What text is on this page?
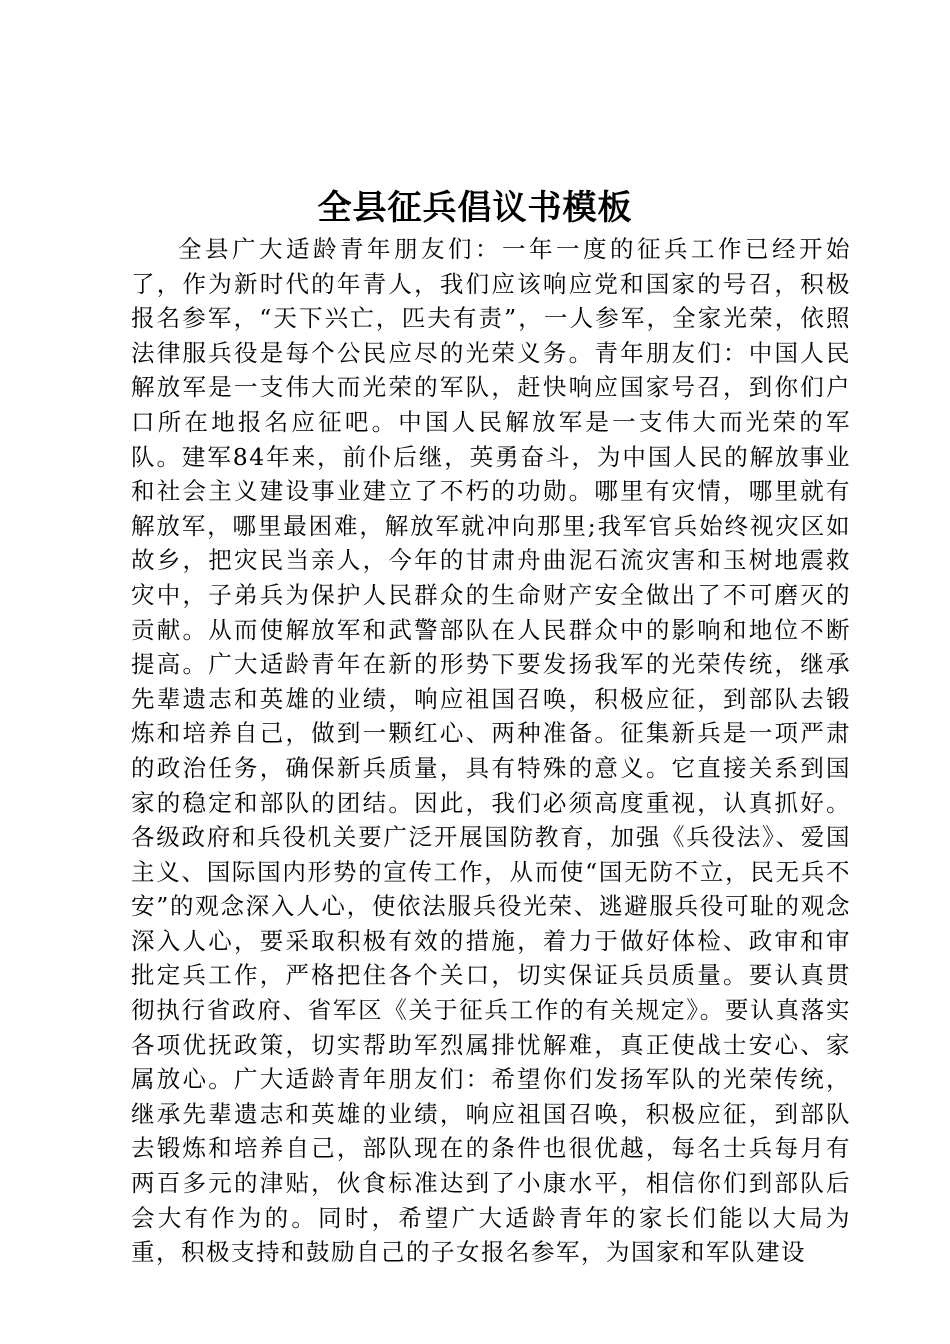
全县征兵倡议书模板

全县广大适龄青年朋友们：一年一度的征兵工作已经开始了，作为新时代的年青人，我们应该响应党和国家的号召，积极报名参军，“天下兴亡，匹夫有责”，一人参军，全家光荣，依照法律服兵役是每个公民应尽的光荣义务。青年朋友们：中国人民解放军是一支伟大而光荣的军队，赶快响应国家号召，到你们户口所在地报名应征吧。中国人民解放军是一支伟大而光荣的军队。建军84年来，前仆后继，英勇奋斗，为中国人民的解放事业和社会主义建设事业建立了不朽的功勋。哪里有灾情，哪里就有解放军，哪里最困难，解放军就冲向那里;我军官兵始终视灾区如故乡，把灾民当亲人，今年的甘肃舟曲泥石流灾害和玉树地震救灾中，子弟兵为保护人民群众的生命财产安全做出了不可磨灭的贡献。从而使解放军和武警部队在人民群众中的影响和地位不断提高。广大适龄青年在新的形势下要发扬我军的光荣传统，继承先辈遗志和英雄的业绩，响应祖国召唤，积极应征，到部队去锻炼和培养自己，做到一颗红心、两种准备。征集新兵是一项严肃的政治任务，确保新兵质量，具有特殊的意义。它直接关系到国家的稳定和部队的团结。因此，我们必须高度重视，认真抓好。各级政府和兵役机关要广泛开展国防教育，加强《兵役法》、爱国主义、国际国内形势的宣传工作，从而使“国无防不立，民无兵不安”的观念深入人心，使依法服兵役光荣、逃避服兵役可耻的观念深入人心，要采取积极有效的措施，着力于做好体检、政审和审批定兵工作，严格把住各个关口，切实保证兵员质量。要认真贯彻执行省政府、省军区《关于征兵工作的有关规定》。要认真落实各项优抚政策，切实帮助军烈属排忧解难，真正使战士安心、家属放心。广大适龄青年朋友们：希望你们发扬军队的光荣传统，继承先辈遗志和英雄的业绩，响应祖国召唤，积极应征，到部队去锻炼和培养自己，部队现在的条件也很优越，每名士兵每月有两百多元的津贴，伙食标准达到了小康水平，相信你们到部队后会大有作为的。同时，希望广大适龄青年的家长们能以大局为重，积极支持和鼓励自己的子女报名参军，为国家和军队建设
